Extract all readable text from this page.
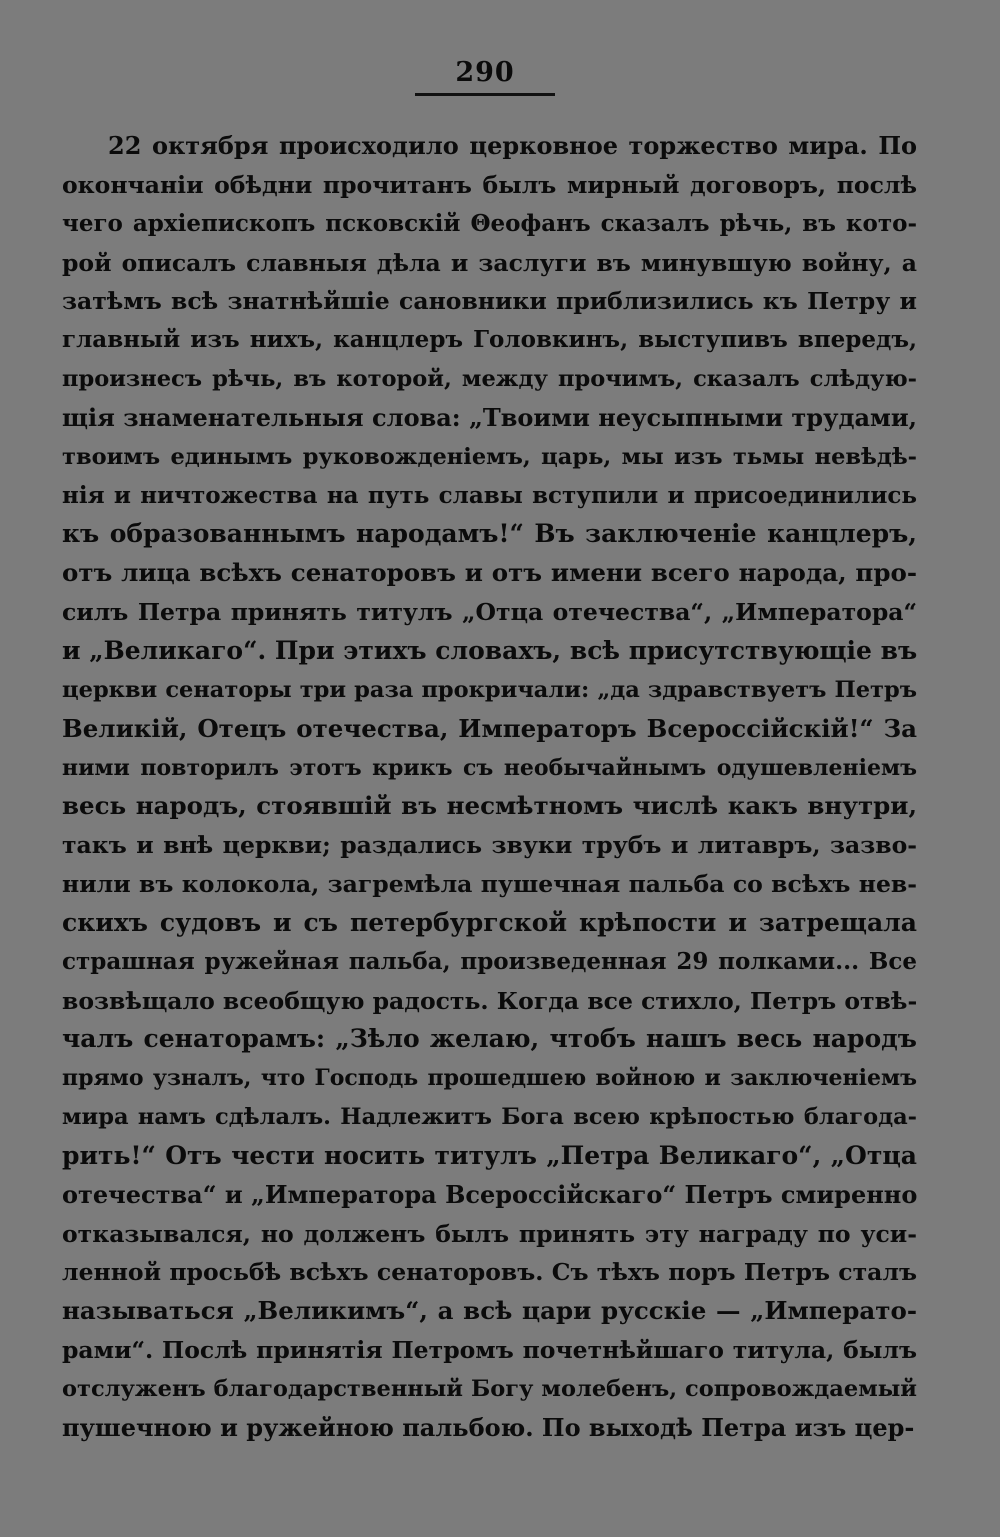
290
22 октября происходило церковное торжество мира. По
окончанiи обѣдни прочитанъ былъ мирный договоръ, послѣ
чего архiепископъ псковскiй Θеофанъ сказалъ рѣчь, въ кото-
рой описалъ славныя дѣла и заслуги въ минувшую войну, а
затѣмъ всѣ знатнѣйшiе сановники приблизились къ Петру и
главный изъ нихъ, канцлеръ Головкинъ, выступивъ впередъ,
произнесъ рѣчь, въ которой, между прочимъ, сказалъ слѣдую-
щiя знаменательныя слова: „Твоими неусыпными трудами,
твоимъ единымъ руковожденiемъ, царь, мы изъ тьмы невѣдѣ-
нiя и ничтожества на путь славы вступили и присоединились
къ образованнымъ народамъ!“ Въ заключенiе канцлеръ,
отъ лица всѣхъ сенаторовъ и отъ имени всего народа, про-
силъ Петра принять титулъ „Отца отечества“, „Императора“
и „Великаго“. При этихъ словахъ, всѣ присутствующiе въ
церкви сенаторы три раза прокричали: „да здравствуетъ Петръ
Великiй, Отецъ отечества, Императоръ Всероссiйскiй!“ За
ними повторилъ этотъ крикъ съ необычайнымъ одушевленiемъ
весь народъ, стоявшiй въ несмѣтномъ числѣ какъ внутри,
такъ и внѣ церкви; раздались звуки трубъ и литавръ, зазво-
нили въ колокола, загремѣла пушечная пальба со всѣхъ нев-
скихъ судовъ и съ петербургской крѣпости и затрещала
страшная ружейная пальба, произведенная 29 полками... Все
возвѣщало всеобщую радость. Когда все стихло, Петръ отвѣ-
чалъ сенаторамъ: „Зѣло желаю, чтобъ нашъ весь народъ
прямо узналъ, что Господь прошедшею войною и заключенiемъ
мира намъ сдѣлалъ. Надлежитъ Бога всею крѣпостью благода-
рить!“ Отъ чести носить титулъ „Петра Великаго“, „Отца
отечества“ и „Императора Всероссiйскаго“ Петръ смиренно
отказывался, но долженъ былъ принять эту награду по уси-
ленной просьбѣ всѣхъ сенаторовъ. Съ тѣхъ поръ Петръ сталъ
называться „Великимъ“, а всѣ цари русскiе — „Императо-
рами“. Послѣ принятiя Петромъ почетнѣйшаго титула, былъ
отслуженъ благодарственный Богу молебенъ, сопровождаемый
пушечною и ружейною пальбою. По выходѣ Петра изъ цер-
